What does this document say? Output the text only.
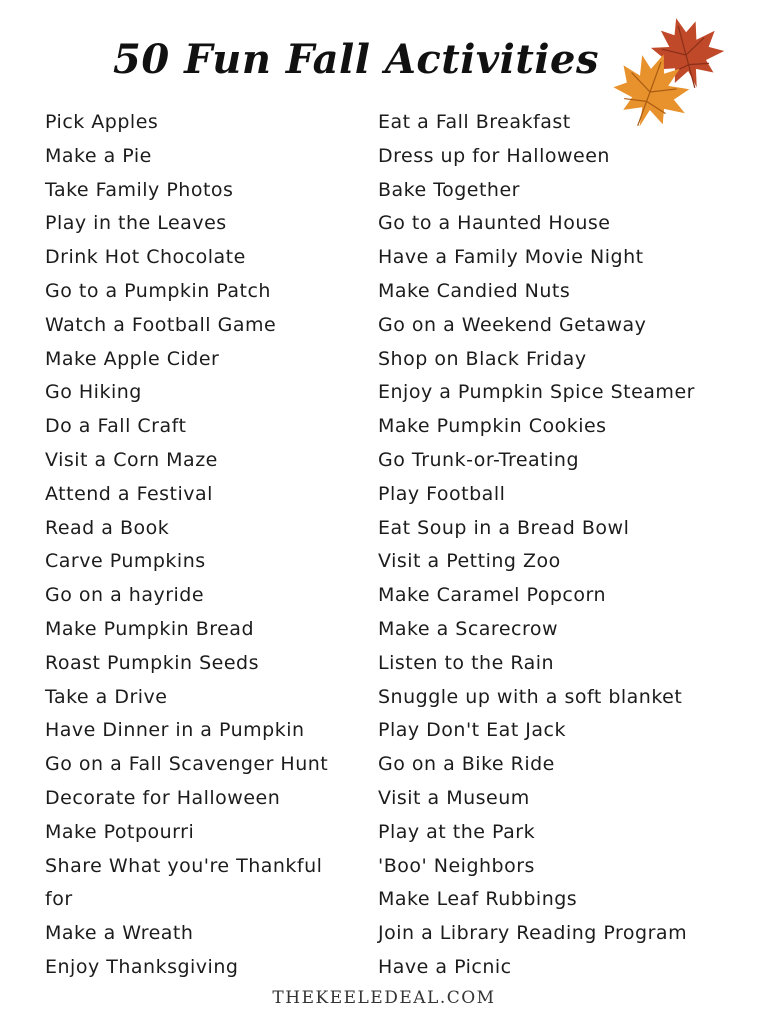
50 Fun Fall Activities
Pick Apples
Make a Pie
Take Family Photos
Play in the Leaves
Drink Hot Chocolate
Go to a Pumpkin Patch
Watch a Football Game
Make Apple Cider
Go Hiking
Do a Fall Craft
Visit a Corn Maze
Attend a Festival
Read a Book
Carve Pumpkins
Go on a hayride
Make Pumpkin Bread
Roast Pumpkin Seeds
Take a Drive
Have Dinner in a Pumpkin
Go on a Fall Scavenger Hunt
Decorate for Halloween
Make Potpourri
Share What you're Thankful
for
Make a Wreath
Enjoy Thanksgiving
Eat a Fall Breakfast
Dress up for Halloween
Bake Together
Go to a Haunted House
Have a Family Movie Night
Make Candied Nuts
Go on a Weekend Getaway
Shop on Black Friday
Enjoy a Pumpkin Spice Steamer
Make Pumpkin Cookies
Go Trunk-or-Treating
Play Football
Eat Soup in a Bread Bowl
Visit a Petting Zoo
Make Caramel Popcorn
Make a Scarecrow
Listen to the Rain
Snuggle up with a soft blanket
Play Don't Eat Jack
Go on a Bike Ride
Visit a Museum
Play at the Park
'Boo' Neighbors
Make Leaf Rubbings
Join a Library Reading Program
Have a Picnic
THEKEELEDEAL.COM
